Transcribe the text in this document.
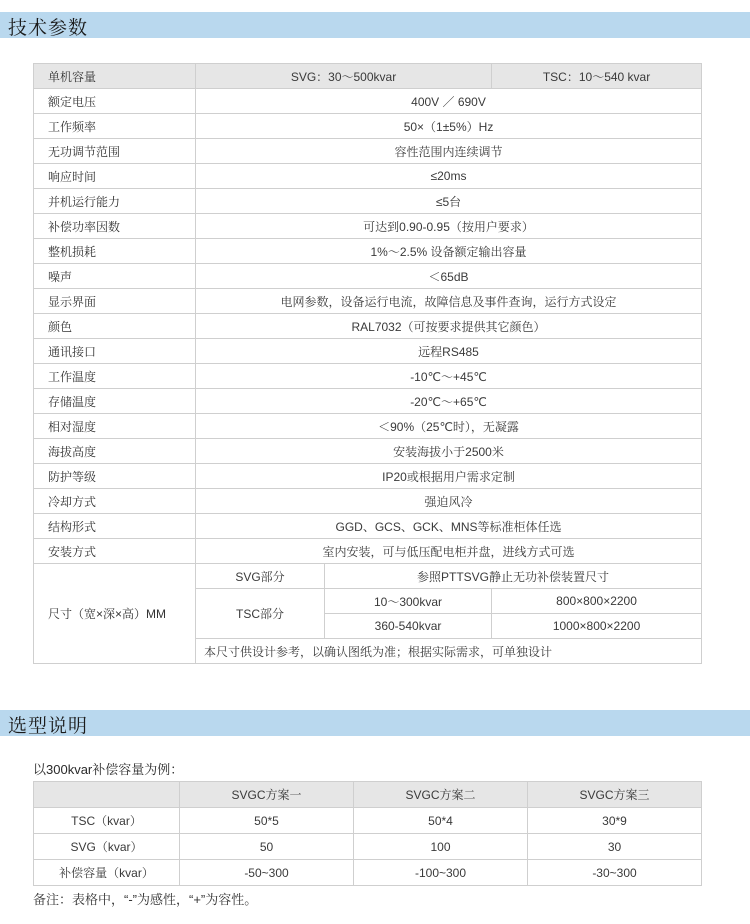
技术参数
单机容量	SVG：30～500kvar		TSC：10～540 kvar
额定电压	400V ／ 690V		
工作频率	50×（1±5%）Hz		
无功调节范围	容性范围内连续调节		
响应时间	≤20ms		
并机运行能力	≤5台		
补偿功率因数	可达到0.90-0.95（按用户要求）		
整机损耗	1%～2.5% 设备额定输出容量		
噪声	＜65dB		
显示界面	电网参数，设备运行电流，故障信息及事件查询，运行方式设定		
颜色	RAL7032（可按要求提供其它颜色）		
通讯接口	远程RS485		
工作温度	-10℃～+45℃		
存储温度	-20℃～+65℃		
相对湿度	＜90%（25℃时），无凝露		
海拔高度	安装海拔小于2500米		
防护等级	IP20或根据用户需求定制		
冷却方式	强迫风冷		
结构形式	GGD、GCS、GCK、MNS等标准柜体任选		
安装方式	室内安装，可与低压配电柜并盘，进线方式可选		
尺寸（宽×深×高）MM	SVG部分	参照PTTSVG静止无功补偿装置尺寸	
	TSC部分	10～300kvar	800×800×2200
		360-540kvar	1000×800×2200
	本尺寸供设计参考，以确认图纸为准；根据实际需求，可单独设计		
选型说明
以300kvar补偿容量为例：
	SVGC方案一	SVGC方案二	SVGC方案三
TSC（kvar）	50*5	50*4	30*9
SVG（kvar）	50	100	30
补偿容量（kvar）	-50~300	-100~300	-30~300
备注：表格中，“-”为感性，“+”为容性。
